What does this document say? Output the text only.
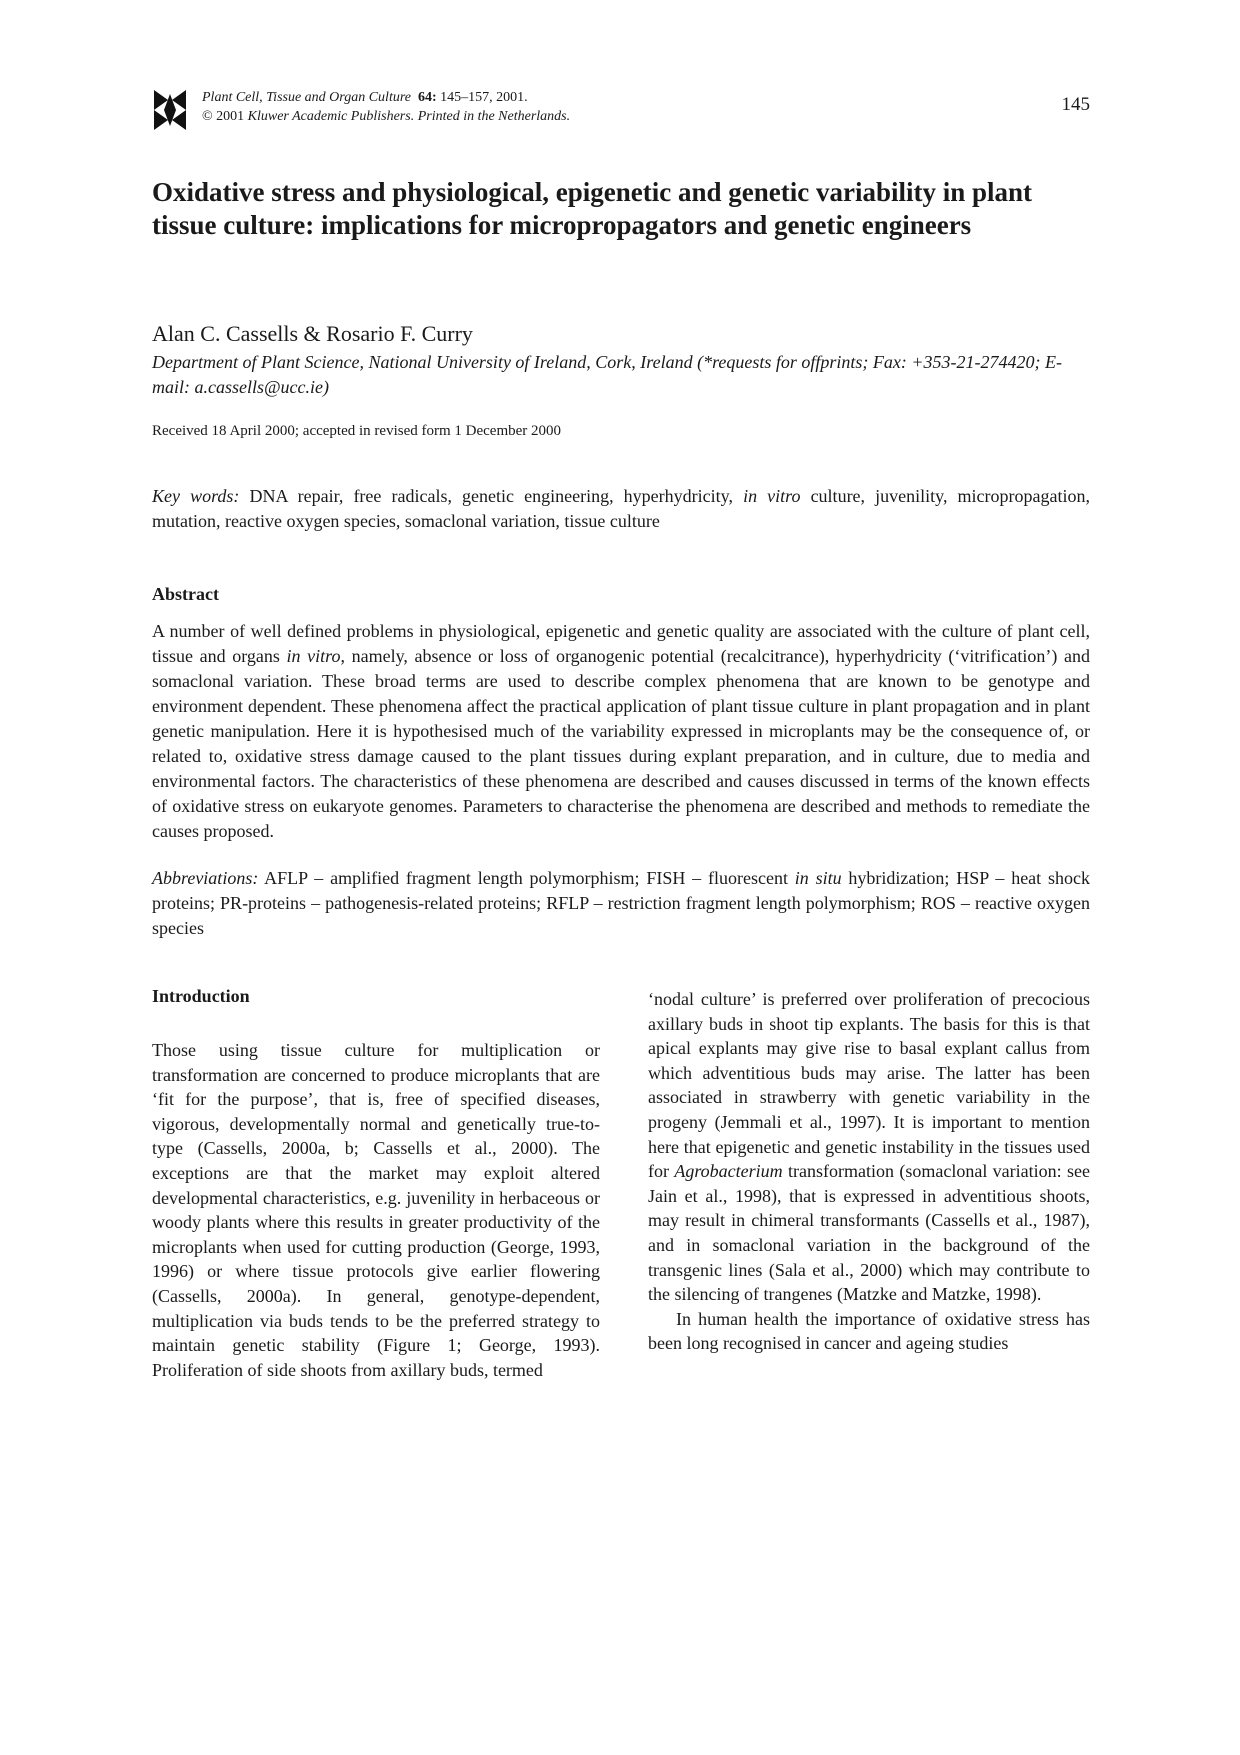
Plant Cell, Tissue and Organ Culture 64: 145–157, 2001.
© 2001 Kluwer Academic Publishers. Printed in the Netherlands.
145
Oxidative stress and physiological, epigenetic and genetic variability in plant tissue culture: implications for micropropagators and genetic engineers
Alan C. Cassells & Rosario F. Curry
Department of Plant Science, National University of Ireland, Cork, Ireland (*requests for offprints; Fax: +353-21-274420; E-mail: a.cassells@ucc.ie)
Received 18 April 2000; accepted in revised form 1 December 2000
Key words: DNA repair, free radicals, genetic engineering, hyperhydricity, in vitro culture, juvenility, micropropagation, mutation, reactive oxygen species, somaclonal variation, tissue culture
Abstract

A number of well defined problems in physiological, epigenetic and genetic quality are associated with the culture of plant cell, tissue and organs in vitro, namely, absence or loss of organogenic potential (recalcitrance), hyperhydricity (‘vitrification’) and somaclonal variation. These broad terms are used to describe complex phenomena that are known to be genotype and environment dependent. These phenomena affect the practical application of plant tissue culture in plant propagation and in plant genetic manipulation. Here it is hypothesised much of the variability expressed in microplants may be the consequence of, or related to, oxidative stress damage caused to the plant tissues during explant preparation, and in culture, due to media and environmental factors. The characteristics of these phenomena are described and causes discussed in terms of the known effects of oxidative stress on eukaryote genomes. Parameters to characterise the phenomena are described and methods to remediate the causes proposed.

Abbreviations: AFLP – amplified fragment length polymorphism; FISH – fluorescent in situ hybridization; HSP – heat shock proteins; PR-proteins – pathogenesis-related proteins; RFLP – restriction fragment length polymorphism; ROS – reactive oxygen species

Introduction

Those using tissue culture for multiplication or transformation are concerned to produce microplants that are ‘fit for the purpose’, that is, free of specified diseases, vigorous, developmentally normal and genetically true-to-type (Cassells, 2000a, b; Cassells et al., 2000). The exceptions are that the market may exploit altered developmental characteristics, e.g. juvenility in herbaceous or woody plants where this results in greater productivity of the microplants when used for cutting production (George, 1993, 1996) or where tissue protocols give earlier flowering (Cassells, 2000a). In general, genotype-dependent, multiplication via buds tends to be the preferred strategy to maintain genetic stability (Figure 1; George, 1993). Proliferation of side shoots from axillary buds, termed

‘nodal culture’ is preferred over proliferation of precocious axillary buds in shoot tip explants. The basis for this is that apical explants may give rise to basal explant callus from which adventitious buds may arise. The latter has been associated in strawberry with genetic variability in the progeny (Jemmali et al., 1997). It is important to mention here that epigenetic and genetic instability in the tissues used for Agrobacterium transformation (somaclonal variation: see Jain et al., 1998), that is expressed in adventitious shoots, may result in chimeral transformants (Cassells et al., 1987), and in somaclonal variation in the background of the transgenic lines (Sala et al., 2000) which may contribute to the silencing of trangenes (Matzke and Matzke, 1998).

In human health the importance of oxidative stress has been long recognised in cancer and ageing studies
